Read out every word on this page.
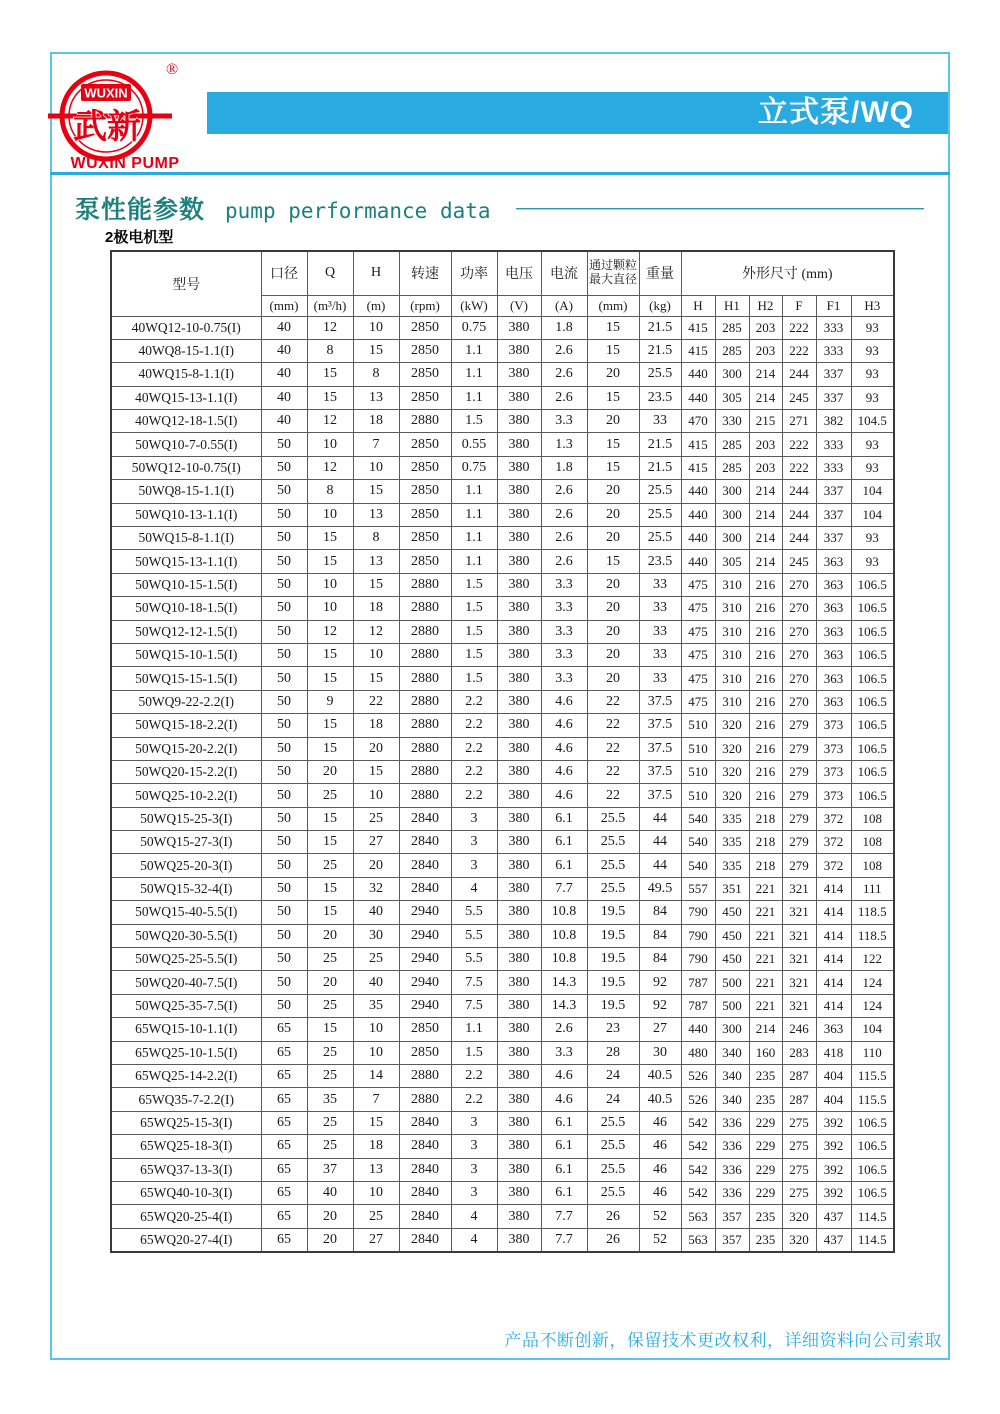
®
WUXIN
武新
WUXIN PUMP
立式泵/WQ
泵性能参数 pump performance data
2极电机型
型号	口径	Q	H	转速	功率	电压	电流	通过颗粒最大直径	重量	外形尺寸 (mm)					
	(mm)	(m³/h)	(m)	(rpm)	(kW)	(V)	(A)	(mm)	(kg)	H	H1	H2	F	F1	H3
40WQ12-10-0.75(I)	40	12	10	2850	0.75	380	1.8	15	21.5	415	285	203	222	333	93
40WQ8-15-1.1(I)	40	8	15	2850	1.1	380	2.6	15	21.5	415	285	203	222	333	93
40WQ15-8-1.1(I)	40	15	8	2850	1.1	380	2.6	20	25.5	440	300	214	244	337	93
40WQ15-13-1.1(I)	40	15	13	2850	1.1	380	2.6	15	23.5	440	305	214	245	337	93
40WQ12-18-1.5(I)	40	12	18	2880	1.5	380	3.3	20	33	470	330	215	271	382	104.5
50WQ10-7-0.55(I)	50	10	7	2850	0.55	380	1.3	15	21.5	415	285	203	222	333	93
50WQ12-10-0.75(I)	50	12	10	2850	0.75	380	1.8	15	21.5	415	285	203	222	333	93
50WQ8-15-1.1(I)	50	8	15	2850	1.1	380	2.6	20	25.5	440	300	214	244	337	104
50WQ10-13-1.1(I)	50	10	13	2850	1.1	380	2.6	20	25.5	440	300	214	244	337	104
50WQ15-8-1.1(I)	50	15	8	2850	1.1	380	2.6	20	25.5	440	300	214	244	337	93
50WQ15-13-1.1(I)	50	15	13	2850	1.1	380	2.6	15	23.5	440	305	214	245	363	93
50WQ10-15-1.5(I)	50	10	15	2880	1.5	380	3.3	20	33	475	310	216	270	363	106.5
50WQ10-18-1.5(I)	50	10	18	2880	1.5	380	3.3	20	33	475	310	216	270	363	106.5
50WQ12-12-1.5(I)	50	12	12	2880	1.5	380	3.3	20	33	475	310	216	270	363	106.5
50WQ15-10-1.5(I)	50	15	10	2880	1.5	380	3.3	20	33	475	310	216	270	363	106.5
50WQ15-15-1.5(I)	50	15	15	2880	1.5	380	3.3	20	33	475	310	216	270	363	106.5
50WQ9-22-2.2(I)	50	9	22	2880	2.2	380	4.6	22	37.5	475	310	216	270	363	106.5
50WQ15-18-2.2(I)	50	15	18	2880	2.2	380	4.6	22	37.5	510	320	216	279	373	106.5
50WQ15-20-2.2(I)	50	15	20	2880	2.2	380	4.6	22	37.5	510	320	216	279	373	106.5
50WQ20-15-2.2(I)	50	20	15	2880	2.2	380	4.6	22	37.5	510	320	216	279	373	106.5
50WQ25-10-2.2(I)	50	25	10	2880	2.2	380	4.6	22	37.5	510	320	216	279	373	106.5
50WQ15-25-3(I)	50	15	25	2840	3	380	6.1	25.5	44	540	335	218	279	372	108
50WQ15-27-3(I)	50	15	27	2840	3	380	6.1	25.5	44	540	335	218	279	372	108
50WQ25-20-3(I)	50	25	20	2840	3	380	6.1	25.5	44	540	335	218	279	372	108
50WQ15-32-4(I)	50	15	32	2840	4	380	7.7	25.5	49.5	557	351	221	321	414	111
50WQ15-40-5.5(I)	50	15	40	2940	5.5	380	10.8	19.5	84	790	450	221	321	414	118.5
50WQ20-30-5.5(I)	50	20	30	2940	5.5	380	10.8	19.5	84	790	450	221	321	414	118.5
50WQ25-25-5.5(I)	50	25	25	2940	5.5	380	10.8	19.5	84	790	450	221	321	414	122
50WQ20-40-7.5(I)	50	20	40	2940	7.5	380	14.3	19.5	92	787	500	221	321	414	124
50WQ25-35-7.5(I)	50	25	35	2940	7.5	380	14.3	19.5	92	787	500	221	321	414	124
65WQ15-10-1.1(I)	65	15	10	2850	1.1	380	2.6	23	27	440	300	214	246	363	104
65WQ25-10-1.5(I)	65	25	10	2850	1.5	380	3.3	28	30	480	340	160	283	418	110
65WQ25-14-2.2(I)	65	25	14	2880	2.2	380	4.6	24	40.5	526	340	235	287	404	115.5
65WQ35-7-2.2(I)	65	35	7	2880	2.2	380	4.6	24	40.5	526	340	235	287	404	115.5
65WQ25-15-3(I)	65	25	15	2840	3	380	6.1	25.5	46	542	336	229	275	392	106.5
65WQ25-18-3(I)	65	25	18	2840	3	380	6.1	25.5	46	542	336	229	275	392	106.5
65WQ37-13-3(I)	65	37	13	2840	3	380	6.1	25.5	46	542	336	229	275	392	106.5
65WQ40-10-3(I)	65	40	10	2840	3	380	6.1	25.5	46	542	336	229	275	392	106.5
65WQ20-25-4(I)	65	20	25	2840	4	380	7.7	26	52	563	357	235	320	437	114.5
65WQ20-27-4(I)	65	20	27	2840	4	380	7.7	26	52	563	357	235	320	437	114.5
产品不断创新，保留技术更改权利，详细资料向公司索取
